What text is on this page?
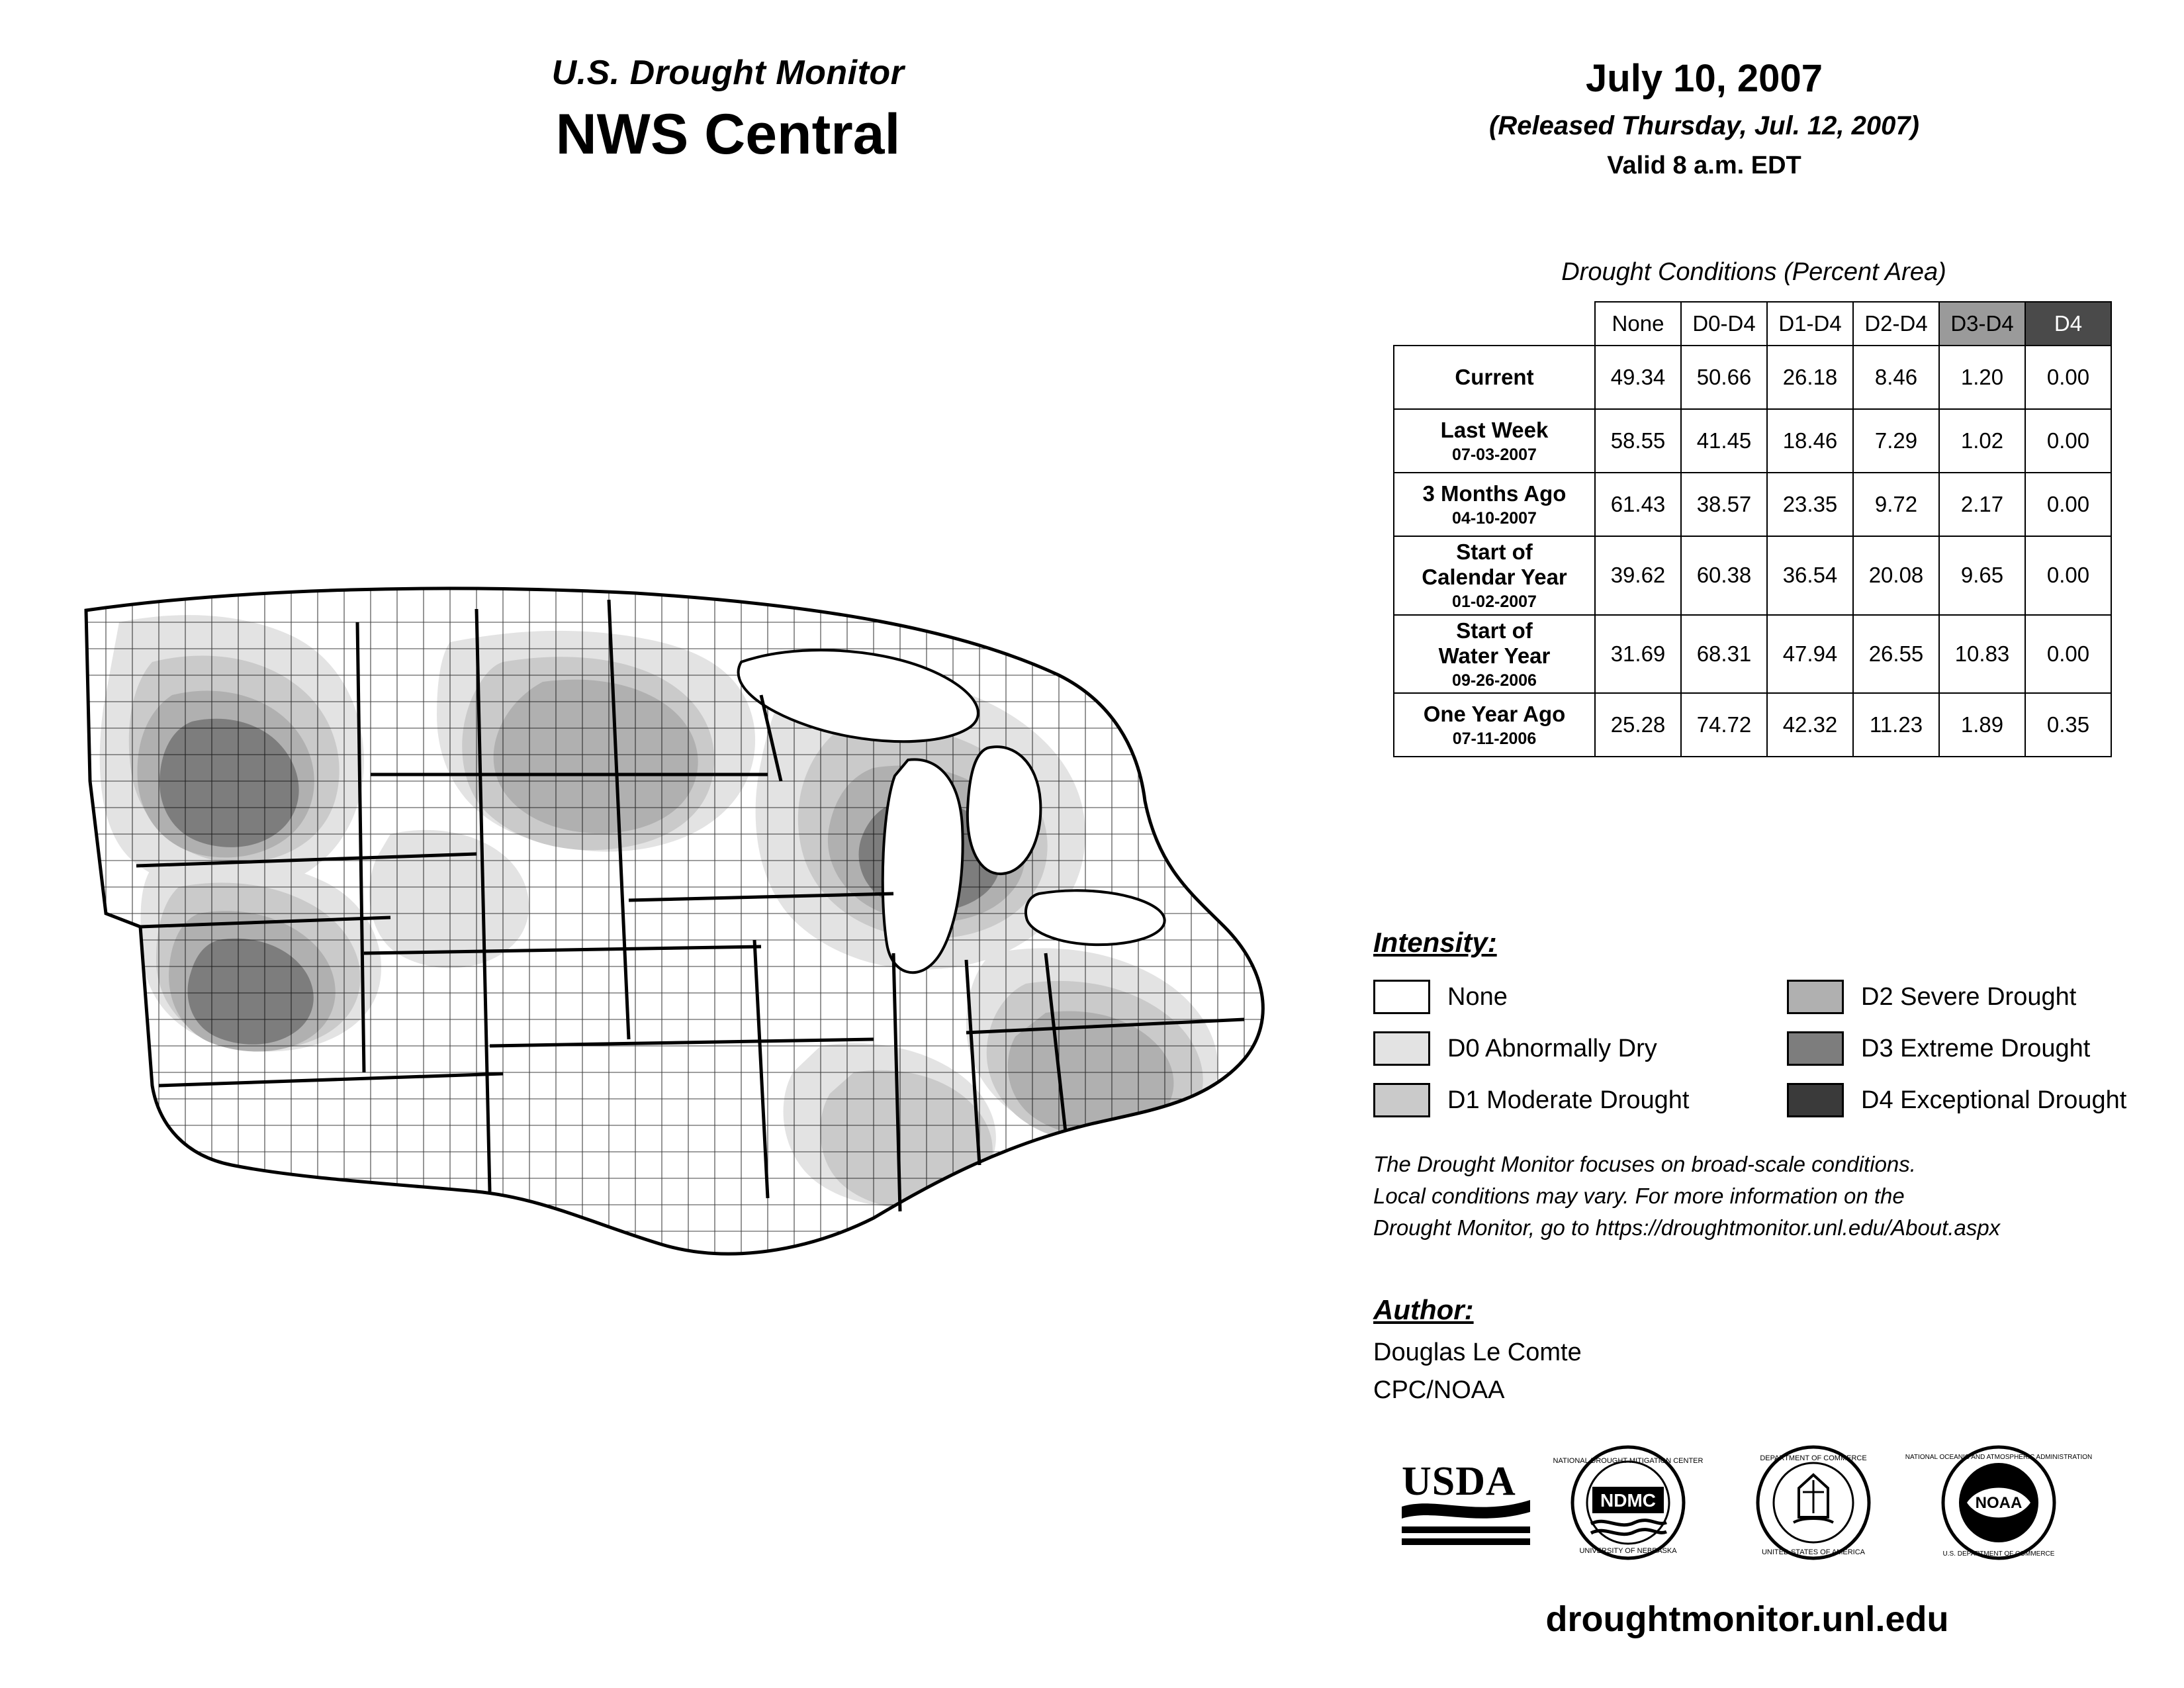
U.S. Drought Monitor
NWS Central
July 10, 2007
(Released Thursday, Jul. 12, 2007)
Valid 8 a.m. EDT
Drought Conditions (Percent Area)
	None	D0-D4	D1-D4	D2-D4	D3-D4	D4
Current	49.34	50.66	26.18	8.46	1.20	0.00
Last Week
07-03-2007	58.55	41.45	18.46	7.29	1.02	0.00
3 Months Ago
04-10-2007	61.43	38.57	23.35	9.72	2.17	0.00
Start of
Calendar Year
01-02-2007	39.62	60.38	36.54	20.08	9.65	0.00
Start of
Water Year
09-26-2006	31.69	68.31	47.94	26.55	10.83	0.00
One Year Ago
07-11-2006	25.28	74.72	42.32	11.23	1.89	0.35
Intensity:
None
D0 Abnormally Dry
D1 Moderate Drought
D2 Severe Drought
D3 Extreme Drought
D4 Exceptional Drought
The Drought Monitor focuses on broad-scale conditions.
Local conditions may vary. For more information on the
Drought Monitor, go to https://droughtmonitor.unl.edu/About.aspx
Author:
Douglas Le Comte
CPC/NOAA
USDA	NDMC
NATIONAL DROUGHT MITIGATION CENTER
UNIVERSITY OF NEBRASKA
DEPARTMENT OF COMMERCE
UNITED STATES OF AMERICA
NOAA
NATIONAL OCEANIC AND ATMOSPHERIC ADMINISTRATION
U.S. DEPARTMENT OF COMMERCE
droughtmonitor.unl.edu
